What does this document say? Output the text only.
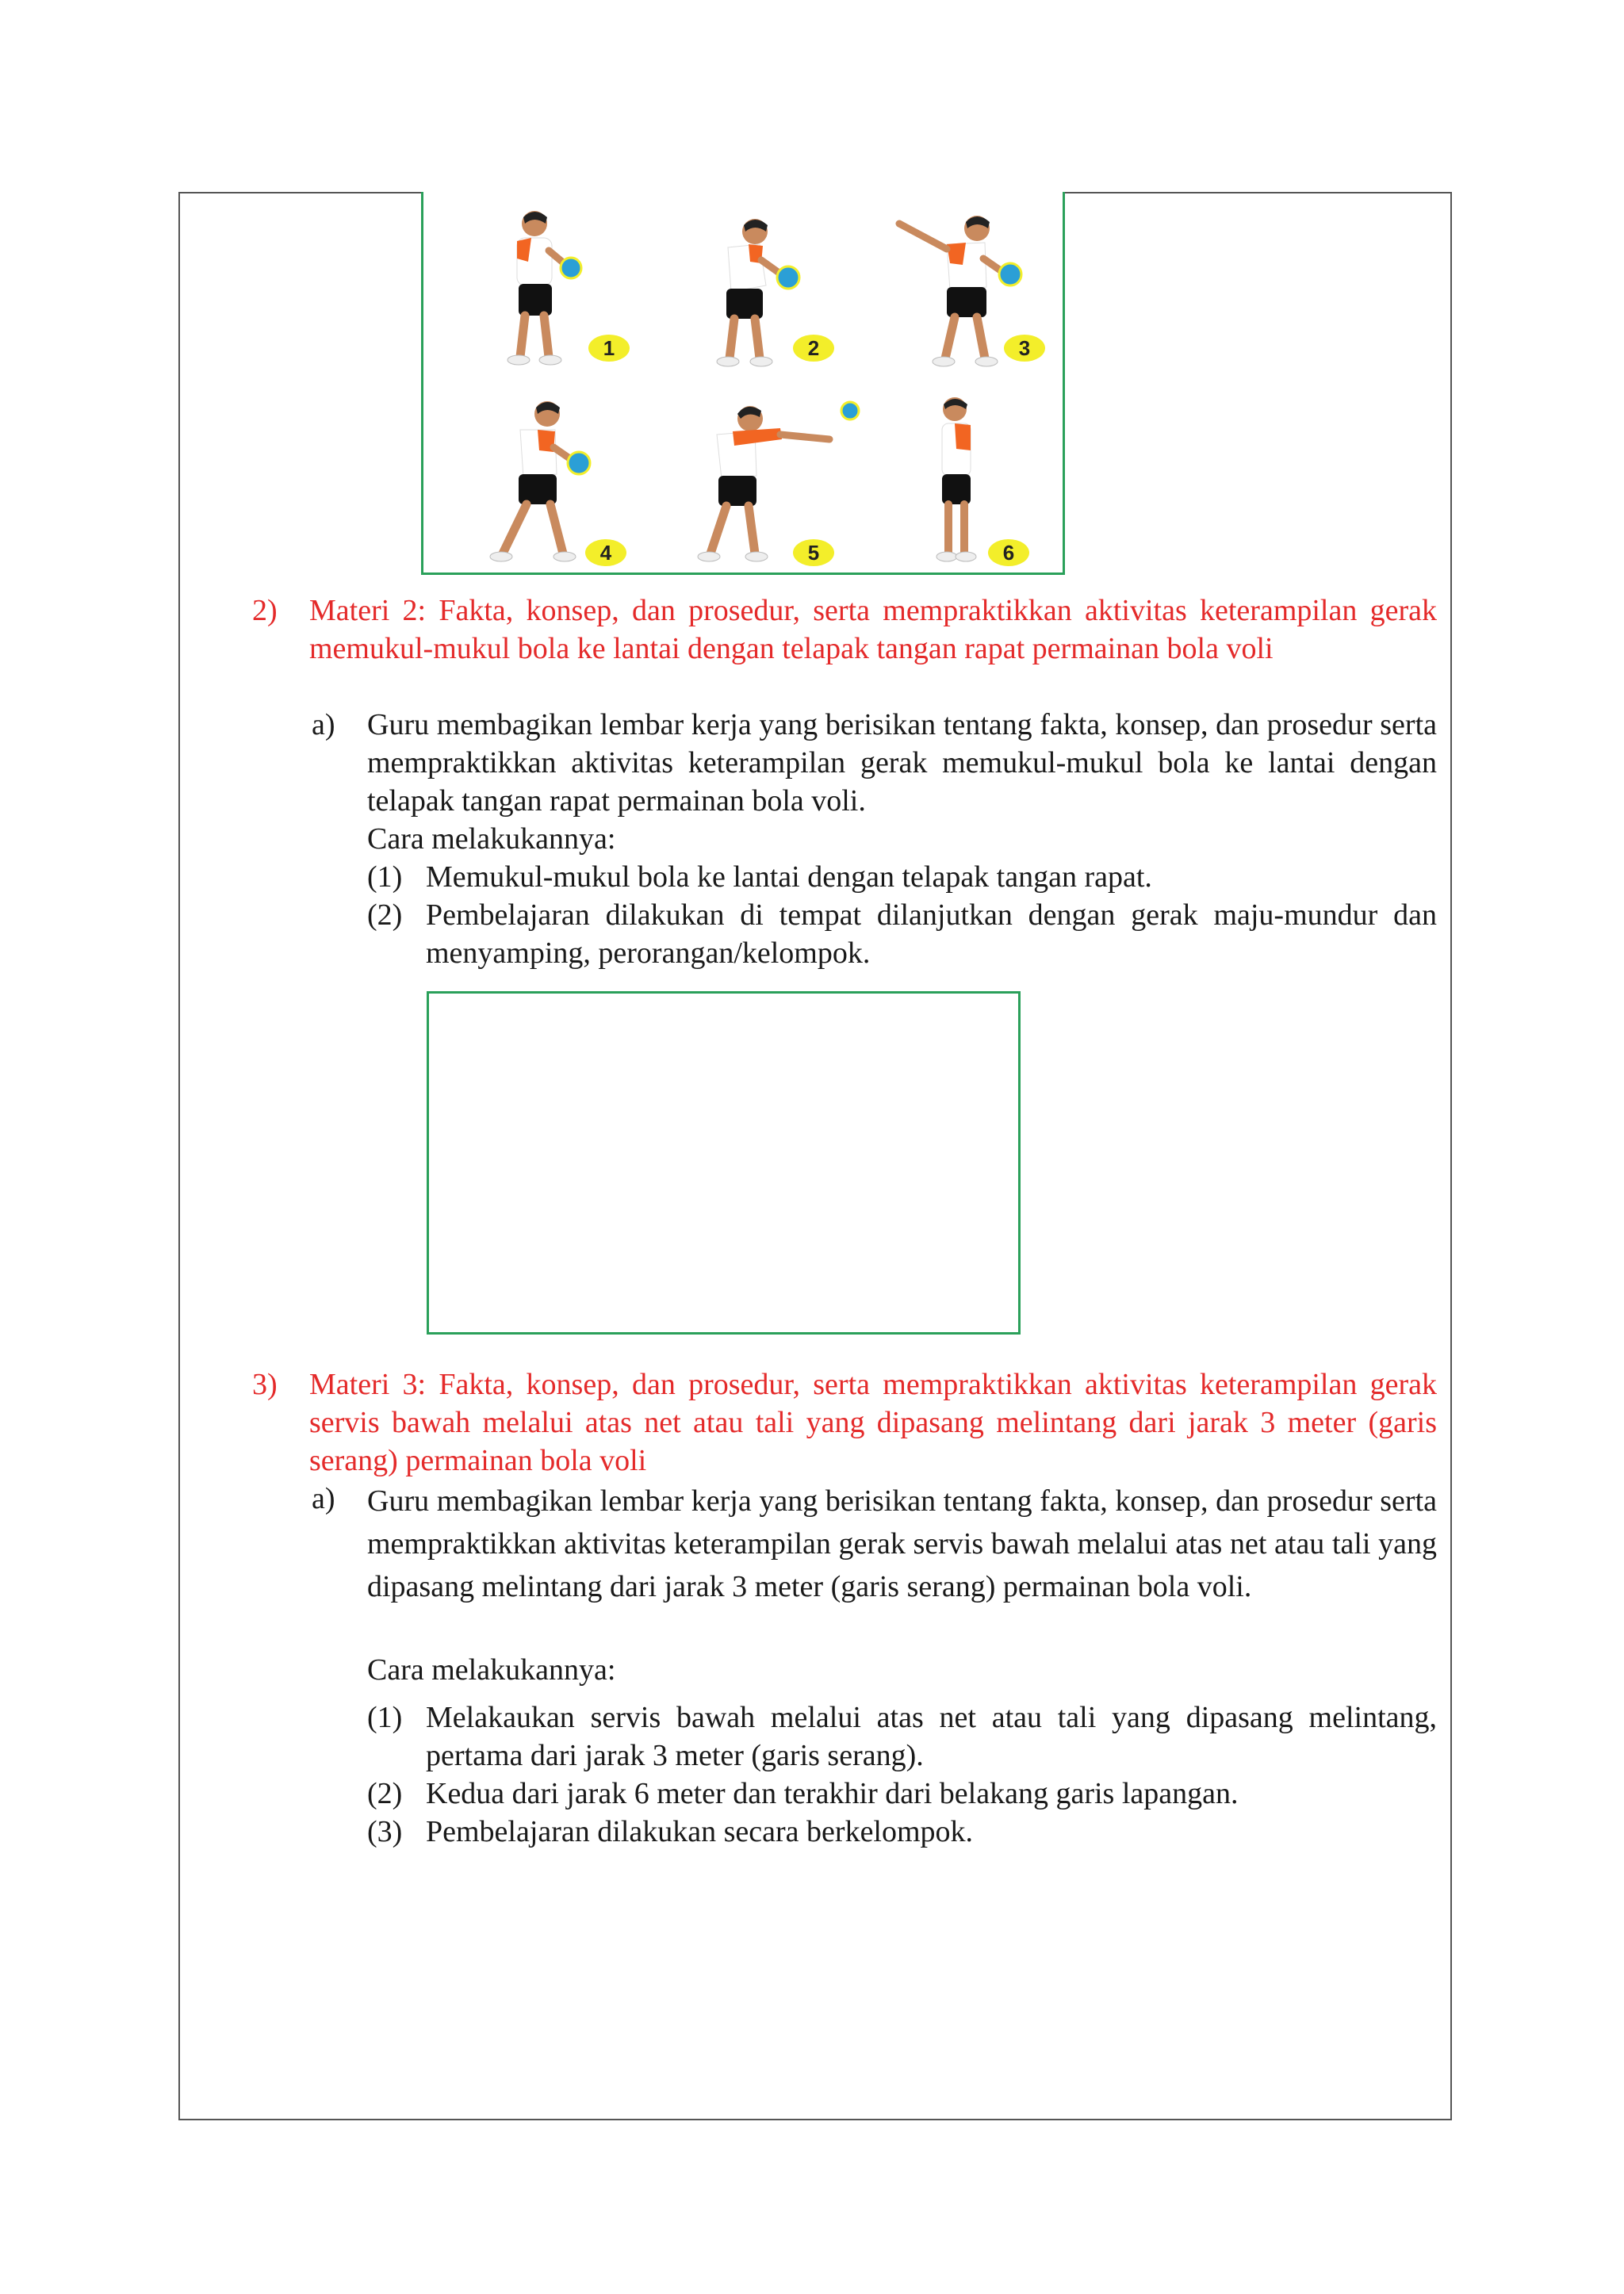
1	2	3
4	5	6
2) Materi 2: Fakta, konsep, dan prosedur, serta mempraktikkan aktivitas keterampilan gerak memukul-mukul bola ke lantai dengan telapak tangan rapat permainan bola voli
a) Guru membagikan lembar kerja yang berisikan tentang fakta, konsep, dan prosedur serta mempraktikkan aktivitas keterampilan gerak memukul-mukul bola ke lantai dengan telapak tangan rapat permainan bola voli.
Cara melakukannya:
(1) Memukul-mukul bola ke lantai dengan telapak tangan rapat.
(2) Pembelajaran dilakukan di tempat dilanjutkan dengan gerak maju-mundur dan menyamping, perorangan/kelompok.
3) Materi 3: Fakta, konsep, dan prosedur, serta mempraktikkan aktivitas keterampilan gerak servis bawah melalui atas net atau tali yang dipasang melintang dari jarak 3 meter (garis serang) permainan bola voli
a) Guru membagikan lembar kerja yang berisikan tentang fakta, konsep, dan prosedur serta mempraktikkan aktivitas keterampilan gerak servis bawah melalui atas net atau tali yang dipasang melintang dari jarak 3 meter (garis serang) permainan bola voli.
Cara melakukannya:
(1) Melakaukan servis bawah melalui atas net atau tali yang dipasang melintang, pertama dari jarak 3 meter (garis serang).
(2) Kedua dari jarak 6 meter dan terakhir dari belakang garis lapangan.
(3) Pembelajaran dilakukan secara berkelompok.
